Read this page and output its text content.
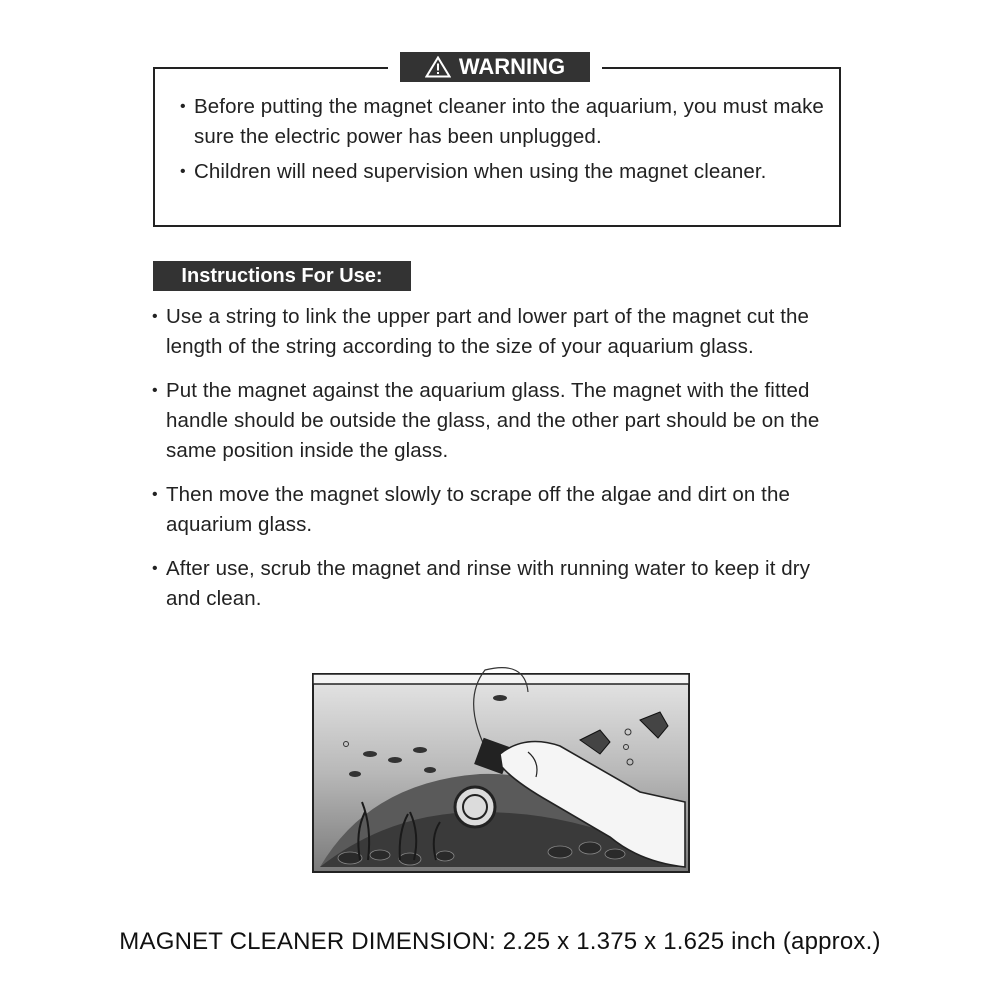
WARNING
• Before putting the magnet cleaner into the aquarium, you must make sure the electric power has been unplugged.
• Children will need supervision when using the magnet cleaner.
Instructions For Use:
• Use a string to link the upper part and lower part of the magnet cut the length of the string according to the size of your aquarium glass.
• Put the magnet against the aquarium glass. The magnet with the fitted handle should be outside the glass, and the other part should be on the same position inside the glass.
• Then move the magnet slowly to scrape off the algae and dirt on the aquarium glass.
• After use, scrub the magnet and rinse with running water to keep it dry and clean.
MAGNET CLEANER DIMENSION: 2.25 x 1.375 x 1.625 inch (approx.)
